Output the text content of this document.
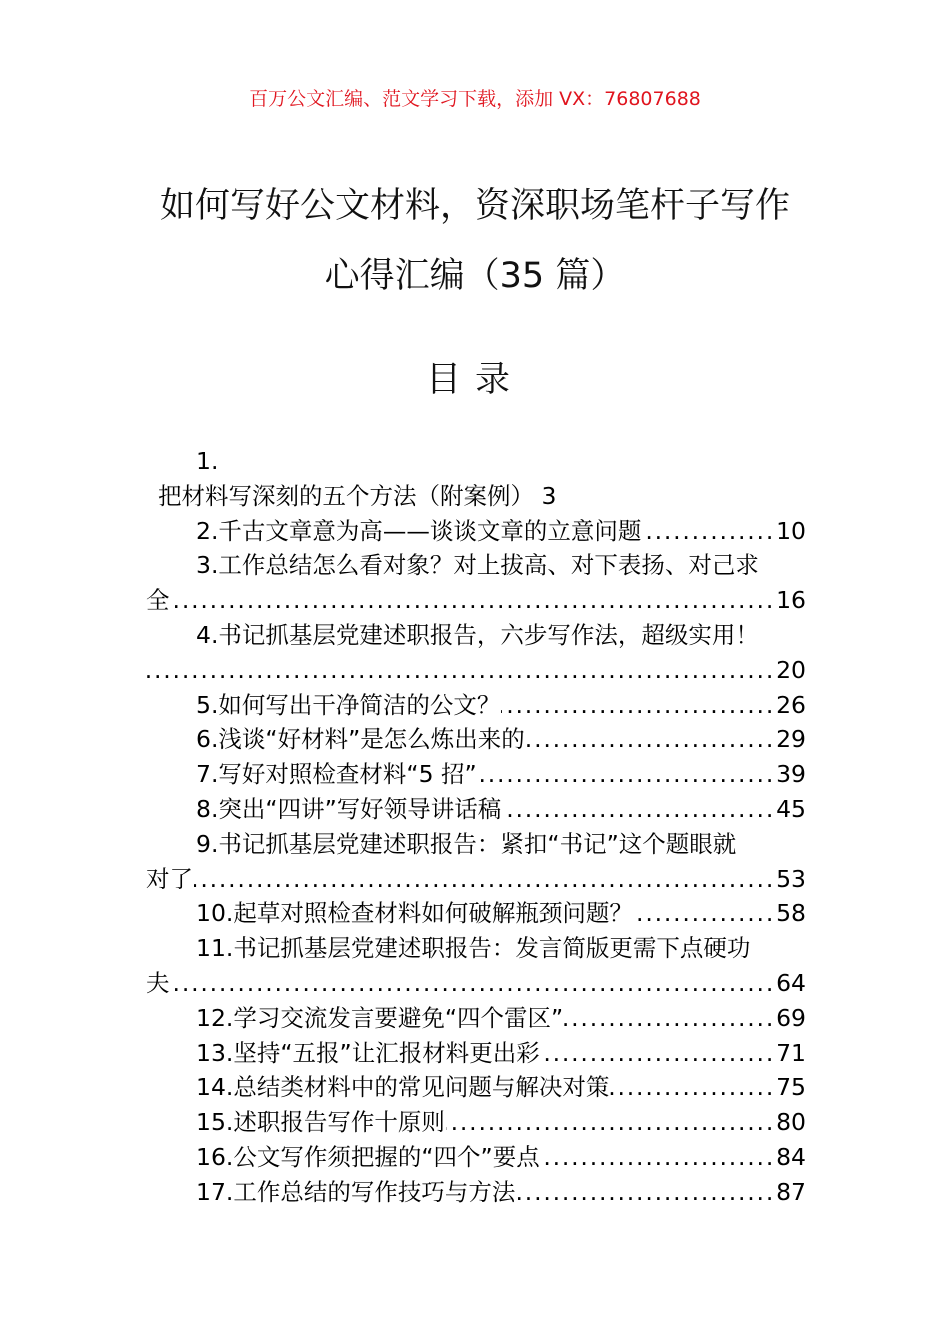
百万公文汇编、范文学习下载，添加 VX：76807688
如何写好公文材料，资深职场笔杆子写作
心得汇编（35 篇）
目录
1.
把材料写深刻的五个方法（附案例） 3
2. 千古文章意为高——谈谈文章的立意问题 .....	10
3.工作总结怎么看对象？对上拔高、对下表扬、对己求
全 .....	16
4.书记抓基层党建述职报告，六步写作法，超级实用！
.....
20
5. 如何写出干净简洁的公文？ .....	26
6. 浅谈“好材料”是怎么炼出来的 .....	29
7. 写好对照检查材料“5 招” .....	39
8. 突出“四讲”写好领导讲话稿 .....	45
9.书记抓基层党建述职报告：紧扣“书记”这个题眼就
对了 .....	53
10. 起草对照检查材料如何破解瓶颈问题？ .....	58
11.书记抓基层党建述职报告：发言简版更需下点硬功
夫 .....	64
12. 学习交流发言要避免“四个雷区” .....	69
13. 坚持“五报”让汇报材料更出彩 .....	71
14. 总结类材料中的常见问题与解决对策 .....	75
15. 述职报告写作十原则 .....	80
16. 公文写作须把握的“四个”要点 .....	84
17. 工作总结的写作技巧与方法 .....	87
